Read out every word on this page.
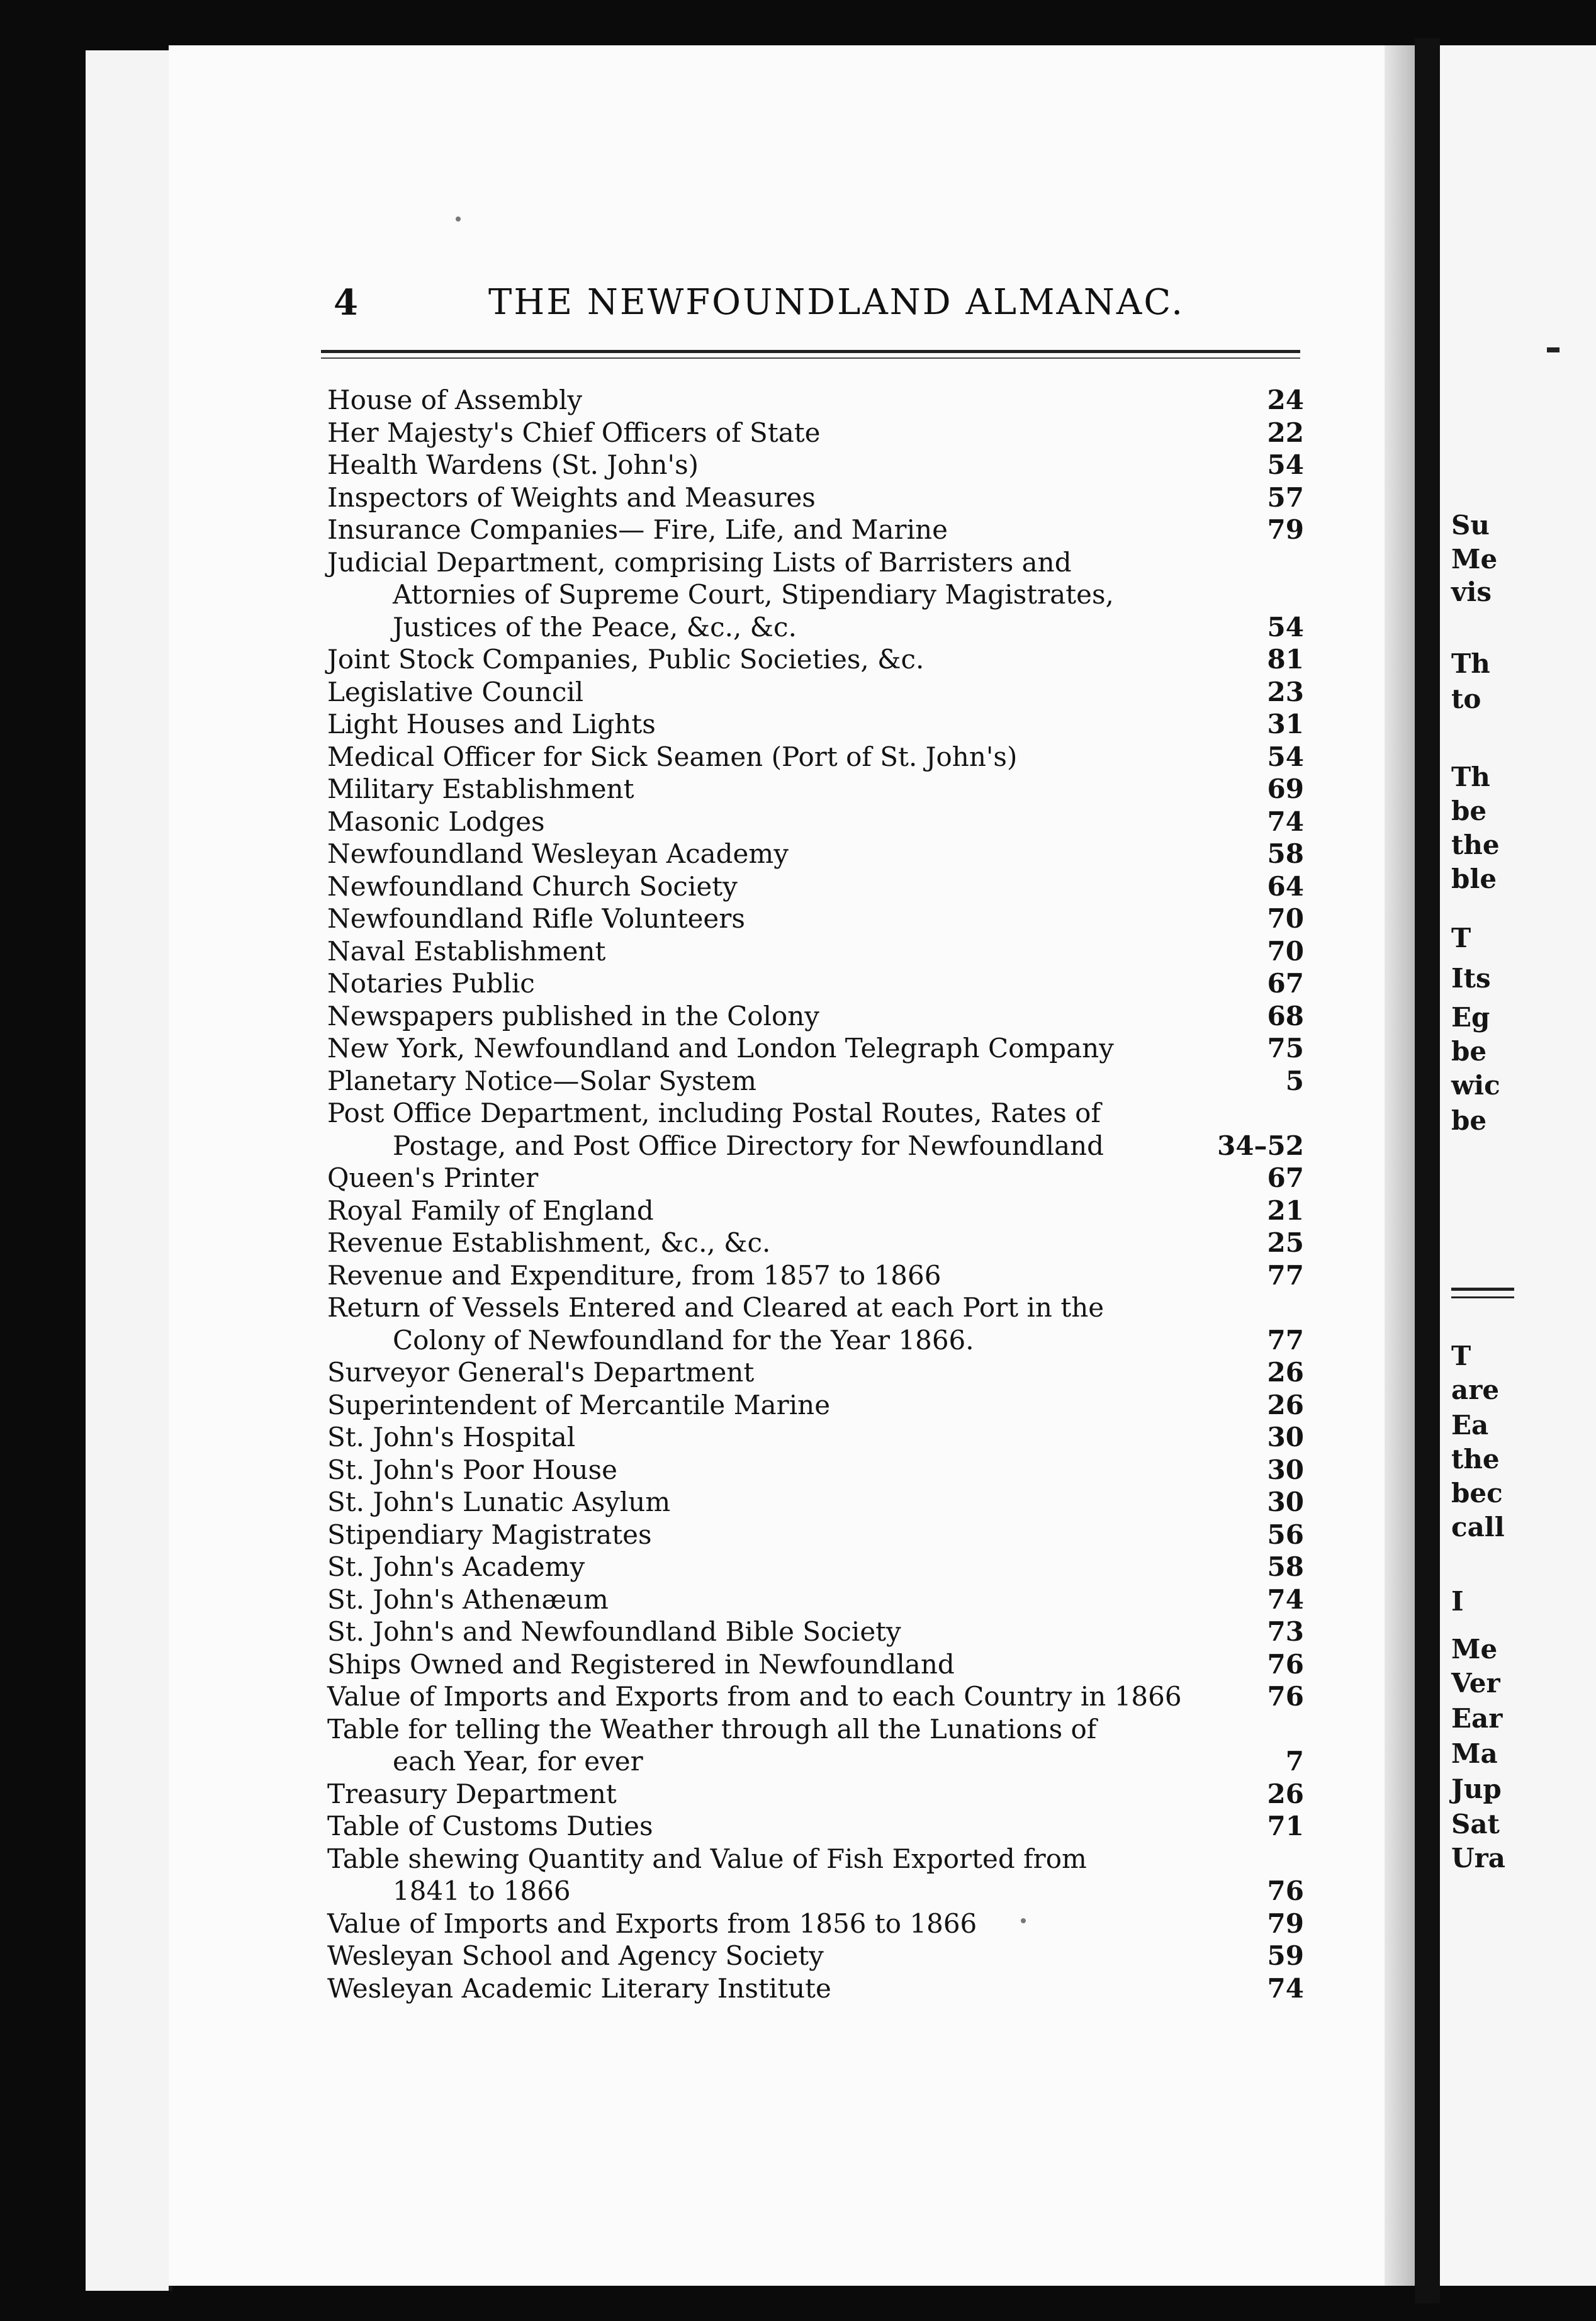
4	THE NEWFOUNDLAND ALMANAC.
House of Assembly	24
Her Majesty's Chief Officers of State	22
Health Wardens (St. John's)	54
Inspectors of Weights and Measures	57
Insurance Companies— Fire, Life, and Marine	79
Judicial Department, comprising Lists of Barristers and
Attornies of Supreme Court, Stipendiary Magistrates,
Justices of the Peace, &c., &c.	54
Joint Stock Companies, Public Societies, &c.	81
Legislative Council	23
Light Houses and Lights	31
Medical Officer for Sick Seamen (Port of St. John's)	54
Military Establishment	69
Masonic Lodges	74
Newfoundland Wesleyan Academy	58
Newfoundland Church Society	64
Newfoundland Rifle Volunteers	70
Naval Establishment	70
Notaries Public	67
Newspapers published in the Colony	68
New York, Newfoundland and London Telegraph Company	75
Planetary Notice—Solar System	5
Post Office Department, including Postal Routes, Rates of
Postage, and Post Office Directory for Newfoundland	34–52
Queen's Printer	67
Royal Family of England	21
Revenue Establishment, &c., &c.	25
Revenue and Expenditure, from 1857 to 1866	77
Return of Vessels Entered and Cleared at each Port in the
Colony of Newfoundland for the Year 1866.	77
Surveyor General's Department	26
Superintendent of Mercantile Marine	26
St. John's Hospital	30
St. John's Poor House	30
St. John's Lunatic Asylum	30
Stipendiary Magistrates	56
St. John's Academy	58
St. John's Athenæum	74
St. John's and Newfoundland Bible Society	73
Ships Owned and Registered in Newfoundland	76
Value of Imports and Exports from and to each Country in 1866	76
Table for telling the Weather through all the Lunations of
each Year, for ever	7
Treasury Department	26
Table of Customs Duties	71
Table shewing Quantity and Value of Fish Exported from
1841 to 1866	76
Value of Imports and Exports from 1856 to 1866	79
Wesleyan School and Agency Society	59
Wesleyan Academic Literary Institute	74
Su
Me
vis
Th
to
Th
be
the
ble
T
Its
Eg
be
wic
be
T
are
Ea
the
bec
call
I
Me
Ver
Ear
Ma
Jup
Sat
Ura
